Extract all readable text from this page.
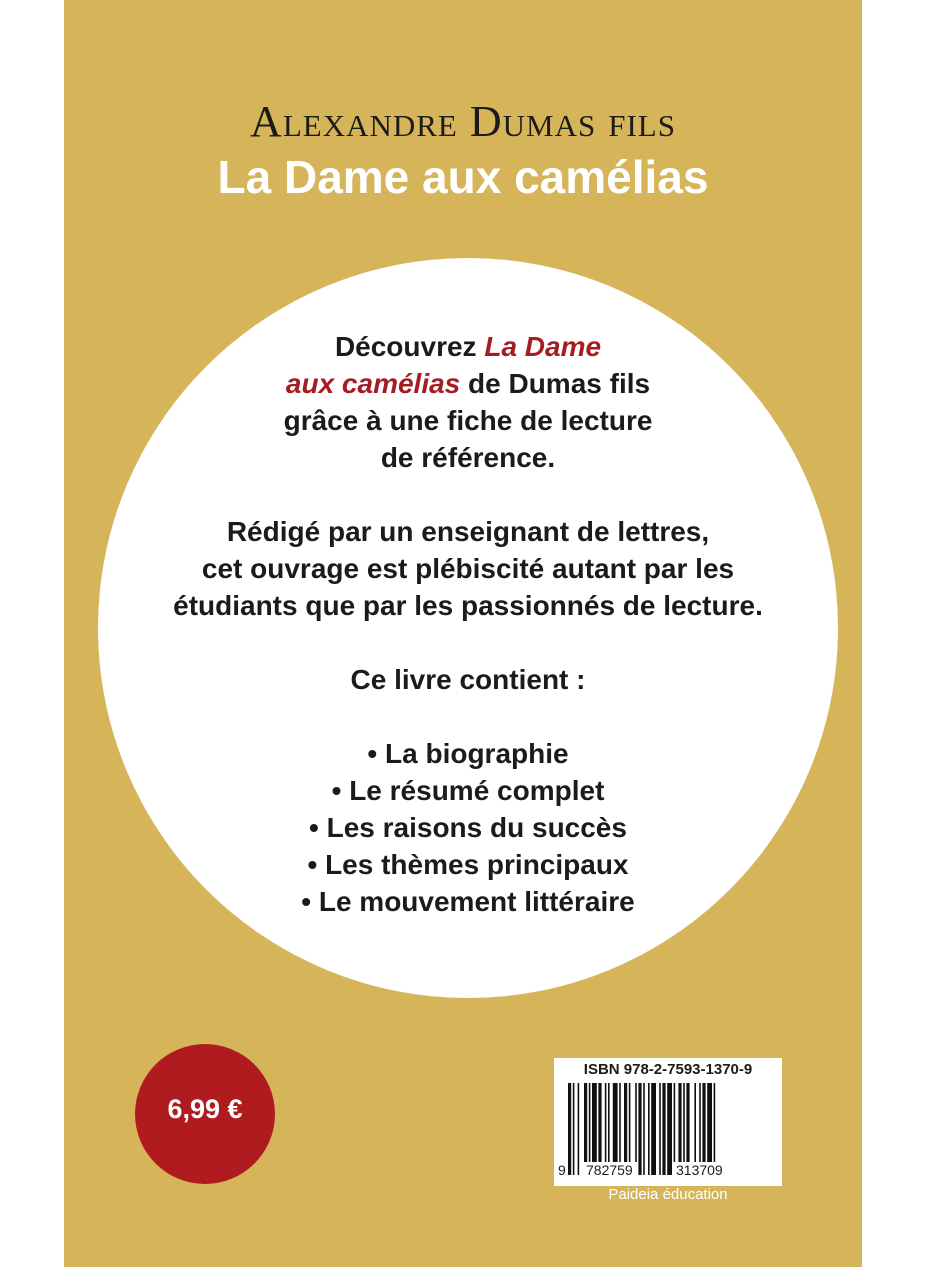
Alexandre Dumas fils
La Dame aux camélias

Découvrez La Dame

aux camélias de Dumas fils

grâce à une fiche de lecture

de référence.

Rédigé par un enseignant de lettres,

cet ouvrage est plébiscité autant par les

étudiants que par les passionnés de lecture.

Ce livre contient :

• La biographie

• Le résumé complet

• Les raisons du succès

• Les thèmes principaux

• Le mouvement littéraire

6,99 €
ISBN 978-2-7593-1370-9
9 782759	313709
Paideia éducation
